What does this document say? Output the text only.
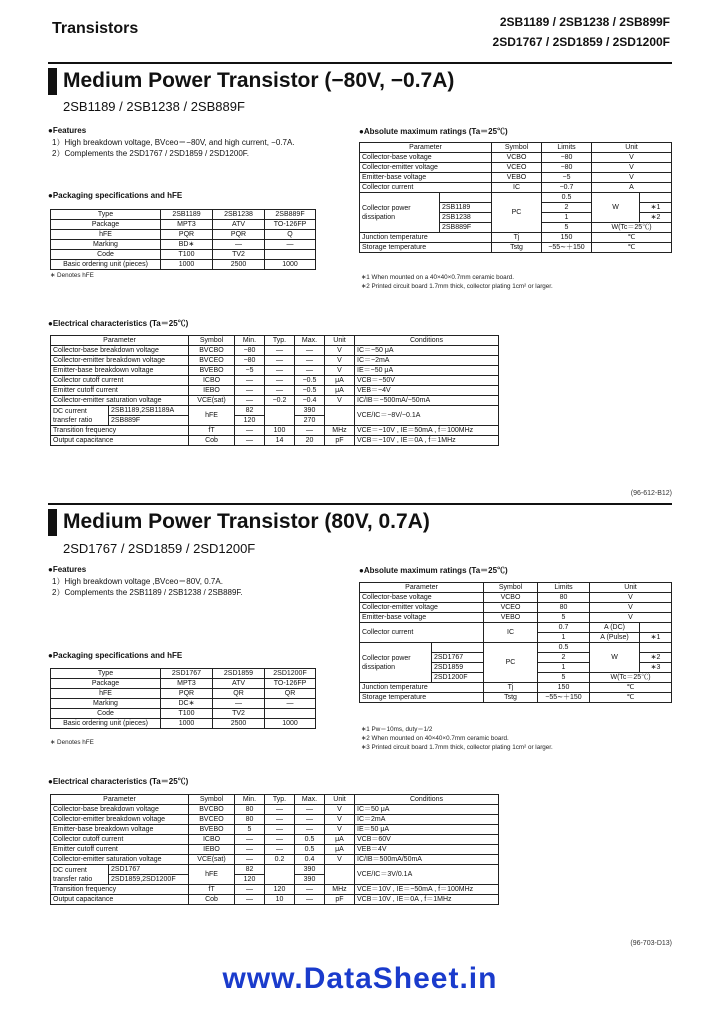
Transistors	2SB1189 / 2SB1238 / 2SB899F
2SD1767 / 2SD1859 / 2SD1200F
Medium Power Transistor (−80V, −0.7A)
2SB1189 / 2SB1238 / 2SB889F
●Features
1）High breakdown voltage, BVceo＝−80V, and high current, −0.7A.
2）Complements the 2SD1767 / 2SD1859 / 2SD1200F.
●Packaging specifications and hFE
Type	2SB1189	2SB1238	2SB889F
Package	MPT3	ATV	TO-126FP
hFE	PQR	PQR	Q
Marking	BD∗	—	—
Code	T100	TV2	
Basic ordering unit (pieces)	1000	2500	1000
∗ Denotes hFE
●Absolute maximum ratings (Ta＝25℃)
Parameter		Symbol	Limits	Unit	
Collector-base voltage		VCBO	−80	V	
Collector-emitter voltage		VCEO	−80	V	
Emitter-base voltage		VEBO	−5	V	
Collector current		IC	−0.7	A	
Collector power dissipation		PC	0.5	W	
	2SB1189		2		∗1
	2SB1238		1		∗2
	2SB889F		5	W(Tc＝25℃)	
Junction temperature		Tj	150	℃	
Storage temperature		Tstg	−55∼＋150	℃	
∗1 When mounted on a 40×40×0.7mm ceramic board.
∗2 Printed circuit board 1.7mm thick, collector plating 1cm² or larger.
●Electrical characteristics (Ta＝25℃)
Parameter		Symbol	Min.	Typ.	Max.	Unit	Conditions
Collector-base breakdown voltage		BVCBO	−80	—	—	V	IC＝−50 μA
Collector-emitter breakdown voltage		BVCEO	−80	—	—	V	IC＝−2mA
Emitter-base breakdown voltage		BVEBO	−5	—	—	V	IE＝−50 μA
Collector cutoff current		ICBO	—	—	−0.5	μA	VCB＝−50V
Emitter cutoff current		IEBO	—	—	−0.5	μA	VEB＝−4V
Collector-emitter saturation voltage		VCE(sat)	—	−0.2	−0.4	V	IC/IB＝−500mA/−50mA
DC current transfer ratio	2SB1189,2SB1189A	hFE	82		390		VCE/IC＝−8V/−0.1A
	2SB889F		120		270		
Transition frequency		fT	—	100	—	MHz	VCE＝−10V , IE＝50mA , f＝100MHz
Output capacitance		Cob	—	14	20	pF	VCB＝−10V , IE＝0A , f＝1MHz
(96-612-B12)
Medium Power Transistor (80V, 0.7A)
2SD1767 / 2SD1859 / 2SD1200F
●Features
1）High breakdown voltage ,BVceo＝80V, 0.7A.
2）Complements the 2SB1189 / 2SB1238 / 2SB889F.
●Packaging specifications and hFE
Type	2SD1767	2SD1859	2SD1200F
Package	MPT3	ATV	TO-126FP
hFE	PQR	QR	QR
Marking	DC∗	—	—
Code	T100	TV2	
Basic ordering unit (pieces)	1000	2500	1000
∗ Denotes hFE
●Absolute maximum ratings (Ta＝25℃)
Parameter		Symbol	Limits	Unit	
Collector-base voltage		VCBO	80	V	
Collector-emitter voltage		VCEO	80	V	
Emitter-base voltage		VEBO	5	V	
Collector current		IC	0.7	A (DC)	
			1	A (Pulse)	∗1
Collector power dissipation		PC	0.5	W	
	2SD1767		2		∗2
	2SD1859		1		∗3
	2SD1200F		5	W(Tc＝25℃)	
Junction temperature		Tj	150	℃	
Storage temperature		Tstg	−55∼＋150	℃	
∗1 Pw＝10ms, duty＝1/2
∗2 When mounted on 40×40×0.7mm ceramic board.
∗3 Printed circuit board 1.7mm thick, collector plating 1cm² or larger.
●Electrical characteristics (Ta＝25℃)
Parameter		Symbol	Min.	Typ.	Max.	Unit	Conditions
Collector-base breakdown voltage		BVCBO	80	—	—	V	IC＝50 μA
Collector-emitter breakdown voltage		BVCEO	80	—	—	V	IC＝2mA
Emitter-base breakdown voltage		BVEBO	5	—	—	V	IE＝50 μA
Collector cutoff current		ICBO	—	—	0.5	μA	VCB＝60V
Emitter cutoff current		IEBO	—	—	0.5	μA	VEB＝4V
Collector-emitter saturation voltage		VCE(sat)	—	0.2	0.4	V	IC/IB＝500mA/50mA
DC current transfer ratio	2SD1767	hFE	82		390		VCE/IC＝3V/0.1A
	2SD1859,2SD1200F		120		390		
Transition frequency		fT	—	120	—	MHz	VCE＝10V , IE＝−50mA , f＝100MHz
Output capacitance		Cob	—	10	—	pF	VCB＝10V , IE＝0A , f＝1MHz
(96-703-D13)
www.DataSheet.in
